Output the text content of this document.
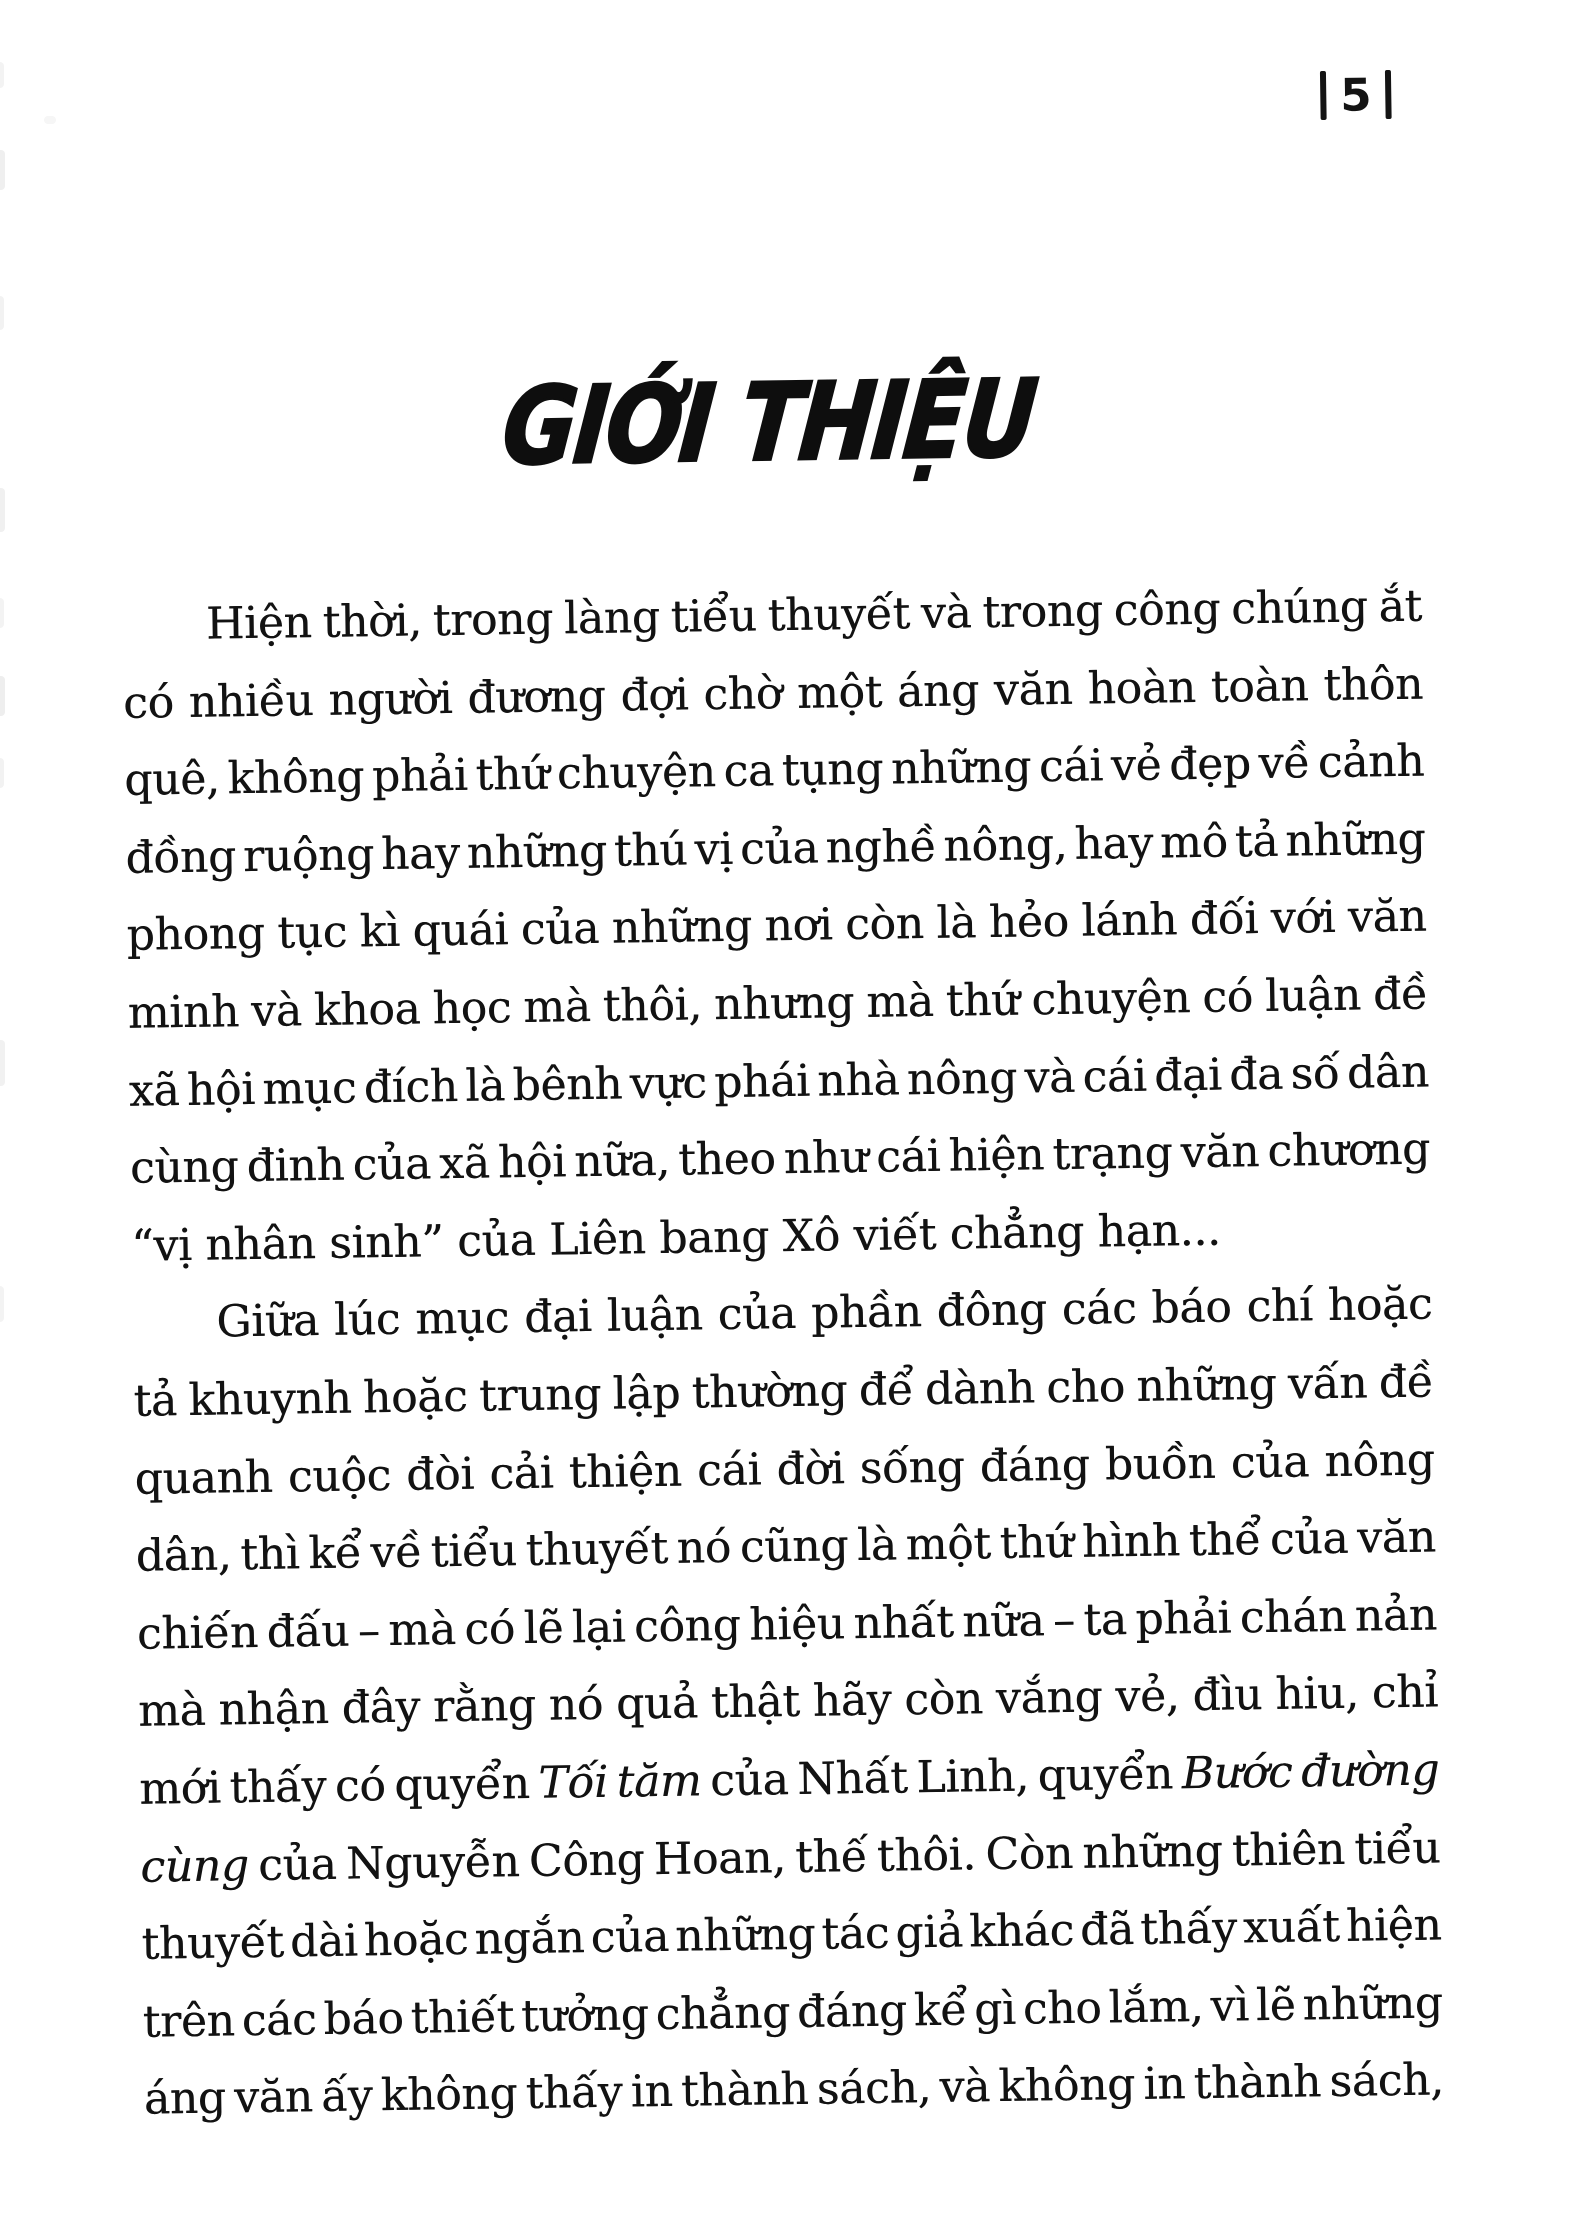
5
GIỚI THIỆU
Hiện thời, trong làng tiểu thuyết và trong công chúng ắt
có nhiều người đương đợi chờ một áng văn hoàn toàn thôn
quê, không phải thứ chuyện ca tụng những cái vẻ đẹp về cảnh
đồng ruộng hay những thú vị của nghề nông, hay mô tả những
phong tục kì quái của những nơi còn là hẻo lánh đối với văn
minh và khoa học mà thôi, nhưng mà thứ chuyện có luận đề
xã hội mục đích là bênh vực phái nhà nông và cái đại đa số dân
cùng đinh của xã hội nữa, theo như cái hiện trạng văn chương
“vị nhân sinh” của Liên bang Xô viết chẳng hạn...
Giữa lúc mục đại luận của phần đông các báo chí hoặc
tả khuynh hoặc trung lập thường để dành cho những vấn đề
quanh cuộc đòi cải thiện cái đời sống đáng buồn của nông
dân, thì kể về tiểu thuyết nó cũng là một thứ hình thể của văn
chiến đấu – mà có lẽ lại công hiệu nhất nữa – ta phải chán nản
mà nhận đây rằng nó quả thật hãy còn vắng vẻ, đìu hiu, chỉ
mới thấy có quyển Tối tăm của Nhất Linh, quyển Bước đường
cùng của Nguyễn Công Hoan, thế thôi. Còn những thiên tiểu
thuyết dài hoặc ngắn của những tác giả khác đã thấy xuất hiện
trên các báo thiết tưởng chẳng đáng kể gì cho lắm, vì lẽ những
áng văn ấy không thấy in thành sách, và không in thành sách,
